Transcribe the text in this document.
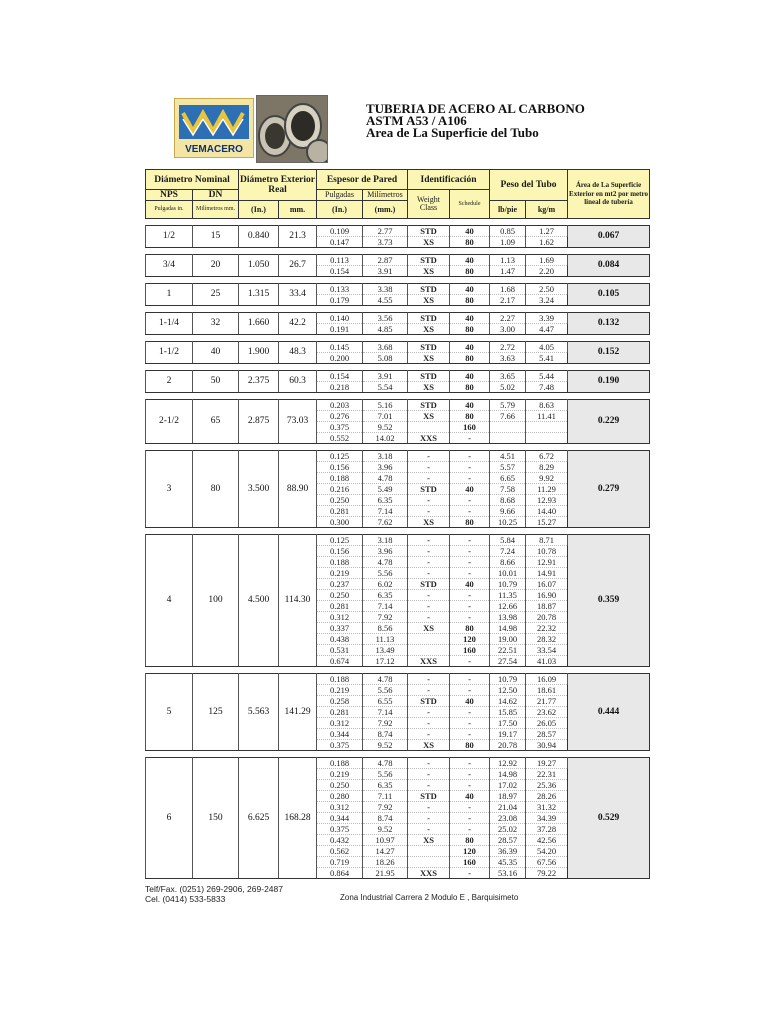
VEMACERO
TUBERIA DE ACERO AL CARBONO
ASTM A53 / A106
Area de La Superficie del Tubo
Diámetro Nominal		Diámetro Exterior Real		Espesor de Pared		Identificación		Peso del Tubo		Área de La Superficie Exterior en mt2 por metro lineal de tubería
NPS	DN			Pulgadas	Milímetros	Weight Class	Schedule			
Pulgadas in.	Milímetros mm.	(In.)	mm.	(In.)	(mm.)			lb/pie	kg/m	

1/2	15	0.840	21.3	0.109	2.77	STD	40	0.85	1.27	0.067
				0.147	3.73	XS	80	1.09	1.62	

3/4	20	1.050	26.7	0.113	2.87	STD	40	1.13	1.69	0.084
				0.154	3.91	XS	80	1.47	2.20	

1	25	1.315	33.4	0.133	3.38	STD	40	1.68	2.50	0.105
				0.179	4.55	XS	80	2.17	3.24	

1-1/4	32	1.660	42.2	0.140	3.56	STD	40	2.27	3.39	0.132
				0.191	4.85	XS	80	3.00	4.47	

1-1/2	40	1.900	48.3	0.145	3.68	STD	40	2.72	4.05	0.152
				0.200	5.08	XS	80	3.63	5.41	

2	50	2.375	60.3	0.154	3.91	STD	40	3.65	5.44	0.190
				0.218	5.54	XS	80	5.02	7.48	

2-1/2	65	2.875	73.03	0.203	5.16	STD	40	5.79	8.63	0.229
				0.276	7.01	XS	80	7.66	11.41	
				0.375	9.52		160			
				0.552	14.02	XXS	-			

3	80	3.500	88.90	0.125	3.18	-	-	4.51	6.72	0.279
				0.156	3.96	-	-	5.57	8.29	
				0.188	4.78	-	-	6.65	9.92	
				0.216	5.49	STD	40	7.58	11.29	
				0.250	6.35	-	-	8.68	12.93	
				0.281	7.14	-	-	9.66	14.40	
				0.300	7.62	XS	80	10.25	15.27	

4	100	4.500	114.30	0.125	3.18	-	-	5.84	8.71	0.359
				0.156	3.96	-	-	7.24	10.78	
				0.188	4.78	-	-	8.66	12.91	
				0.219	5.56	-	-	10.01	14.91	
				0.237	6.02	STD	40	10.79	16.07	
				0.250	6.35	-	-	11.35	16.90	
				0.281	7.14	-	-	12.66	18.87	
				0.312	7.92	-	-	13.98	20.78	
				0.337	8.56	XS	80	14.98	22.32	
				0.438	11.13		120	19.00	28.32	
				0.531	13.49		160	22.51	33.54	
				0.674	17.12	XXS	-	27.54	41.03	

5	125	5.563	141.29	0.188	4.78	-	-	10.79	16.09	0.444
				0.219	5.56	-	-	12.50	18.61	
				0.258	6.55	STD	40	14.62	21.77	
				0.281	7.14	-	-	15.85	23.62	
				0.312	7.92	-	-	17.50	26.05	
				0.344	8.74	-	-	19.17	28.57	
				0.375	9.52	XS	80	20.78	30.94	

6	150	6.625	168.28	0.188	4.78	-	-	12.92	19.27	0.529
				0.219	5.56	-	-	14.98	22.31	
				0.250	6.35	-	-	17.02	25.36	
				0.280	7.11	STD	40	18.97	28.26	
				0.312	7.92	-	-	21.04	31.32	
				0.344	8.74	-	-	23.08	34.39	
				0.375	9.52	-	-	25.02	37.28	
				0.432	10.97	XS	80	28.57	42.56	
				0.562	14.27		120	36.39	54.20	
				0.719	18.26		160	45.35	67.56	
				0.864	21.95	XXS	-	53.16	79.22	
Telf/Fax. (0251) 269-2906, 269-2487
Cel. (0414) 533-5833	Zona Industrial Carrera 2 Modulo E , Barquisimeto
